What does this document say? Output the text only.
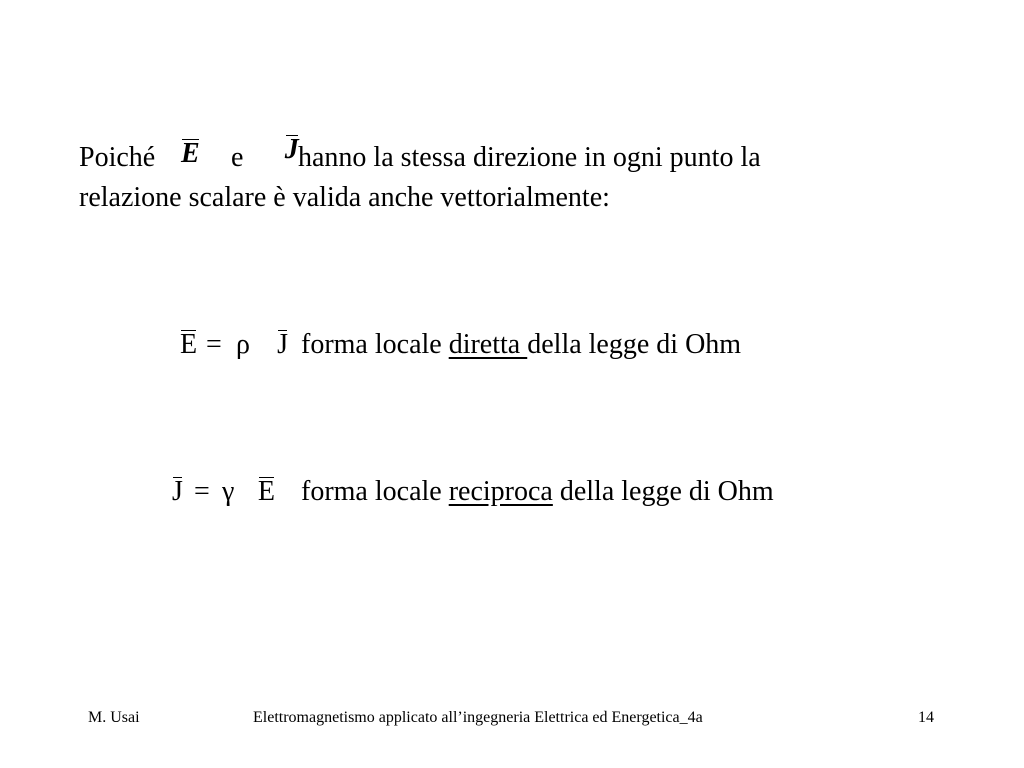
Poiché E e J hanno la stessa direzione in ogni punto la
relazione scalare è valida anche vettorialmente:
E = ρ J forma locale diretta della legge di Ohm
J = γ E forma locale reciproca della legge di Ohm
M. Usai	Elettromagnetismo applicato all’ingegneria Elettrica ed Energetica_4a	14
